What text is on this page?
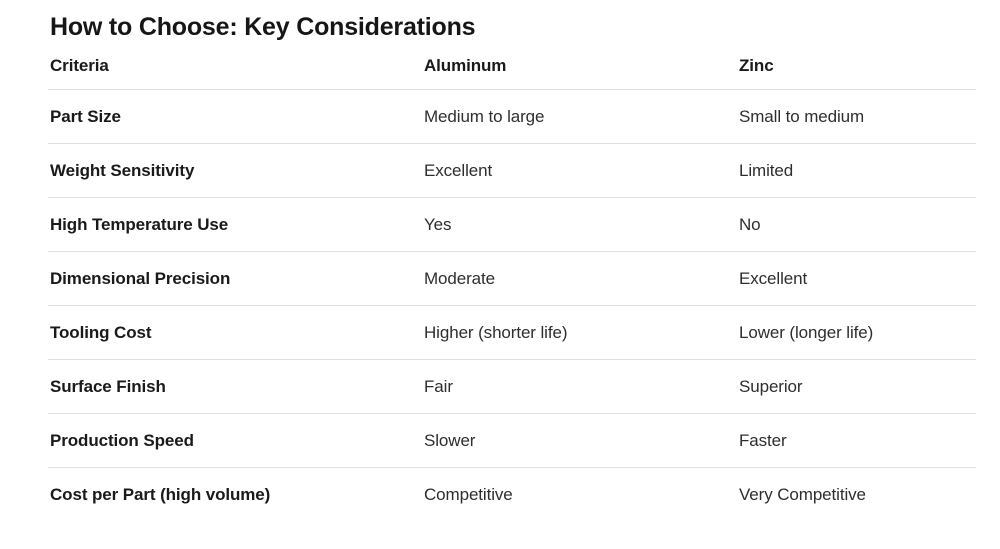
How to Choose: Key Considerations
Criteria	Aluminum	Zinc
Part Size	Medium to large	Small to medium
Weight Sensitivity	Excellent	Limited
High Temperature Use	Yes	No
Dimensional Precision	Moderate	Excellent
Tooling Cost	Higher (shorter life)	Lower (longer life)
Surface Finish	Fair	Superior
Production Speed	Slower	Faster
Cost per Part (high volume)	Competitive	Very Competitive
